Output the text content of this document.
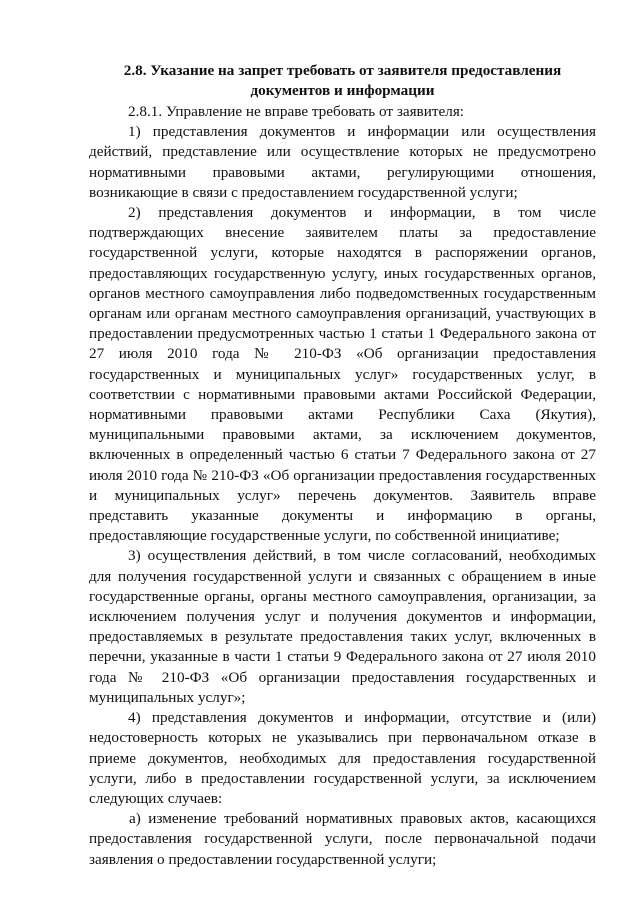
2.8. Указание на запрет требовать от заявителя предоставления
документов и информации

2.8.1. Управление не вправе требовать от заявителя:

1) представления документов и информации или осуществления действий, представление или осуществление которых не предусмотрено нормативными правовыми актами, регулирующими отношения, возникающие в связи с предоставлением государственной услуги;

2) представления документов и информации, в том числе подтверждающих внесение заявителем платы за предоставление государственной услуги, которые находятся в распоряжении органов, предоставляющих государственную услугу, иных государственных органов, органов местного самоуправления либо подведомственных государственным органам или органам местного самоуправления организаций, участвующих в предоставлении предусмотренных частью 1 статьи 1 Федерального закона от 27 июля 2010 года № 210-ФЗ «Об организации предоставления государственных и муниципальных услуг» государственных услуг, в соответствии с нормативными правовыми актами Российской Федерации, нормативными правовыми актами Республики Саха (Якутия), муниципальными правовыми актами, за исключением документов, включенных в определенный частью 6 статьи 7 Федерального закона от 27 июля 2010 года № 210-ФЗ «Об организации предоставления государственных и муниципальных услуг» перечень документов. Заявитель вправе представить указанные документы и информацию в органы, предоставляющие государственные услуги, по собственной инициативе;

3) осуществления действий, в том числе согласований, необходимых для получения государственной услуги и связанных с обращением в иные государственные органы, органы местного самоуправления, организации, за исключением получения услуг и получения документов и информации, предоставляемых в результате предоставления таких услуг, включенных в перечни, указанные в части 1 статьи 9 Федерального закона от 27 июля 2010 года № 210-ФЗ «Об организации предоставления государственных и муниципальных услуг»;

4) представления документов и информации, отсутствие и (или) недостоверность которых не указывались при первоначальном отказе в приеме документов, необходимых для предоставления государственной услуги, либо в предоставлении государственной услуги, за исключением следующих случаев:

а) изменение требований нормативных правовых актов, касающихся предоставления государственной услуги, после первоначальной подачи заявления о предоставлении государственной услуги;
